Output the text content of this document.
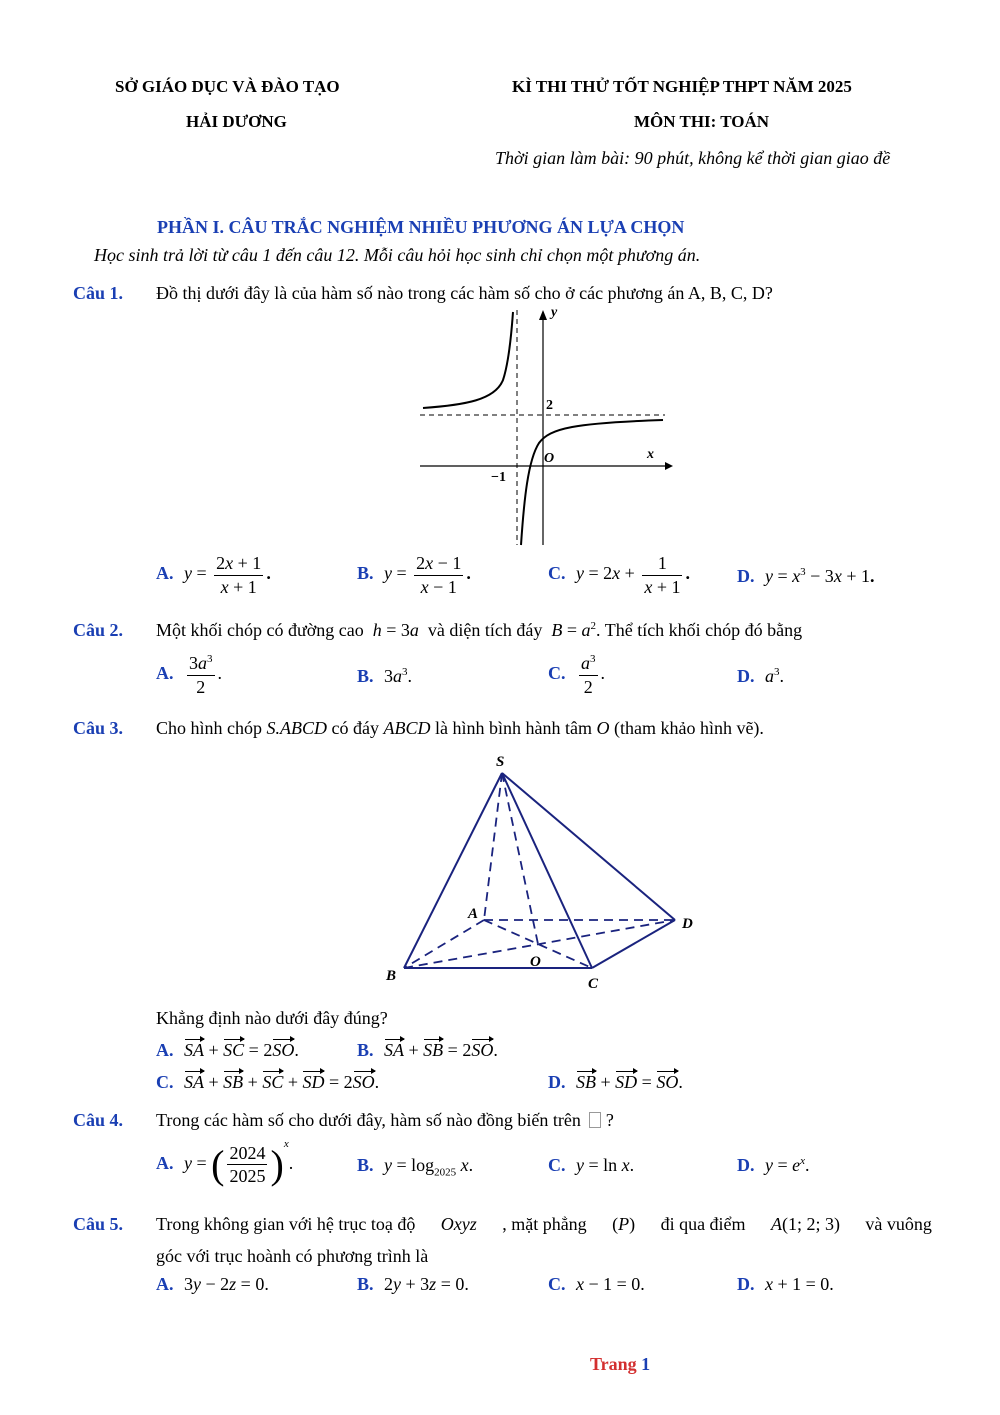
SỞ GIÁO DỤC VÀ ĐÀO TẠO
HẢI DƯƠNG
KÌ THI THỬ TỐT NGHIỆP THPT NĂM 2025
MÔN THI: TOÁN
Thời gian làm bài: 90 phút, không kể thời gian giao đề
PHẦN I. CÂU TRẮC NGHIỆM NHIỀU PHƯƠNG ÁN LỰA CHỌN
Học sinh trả lời từ câu 1 đến câu 12. Mỗi câu hỏi học sinh chỉ chọn một phương án.
Câu 1. Đồ thị dưới đây là của hàm số nào trong các hàm số cho ở các phương án A, B, C, D?
y
x
2
O
−1
A. $y = \frac{2x + 1}{x + 1}$ .	B. $y = \frac{2x - 1}{x - 1}$ .	C. $y = 2x + \frac{1}{x + 1}$ .	D. $y = x^3 - 3x + 1$.
Câu 2. Một khối chóp có đường cao h = 3a và diện tích đáy $B = a^2$. Thể tích khối chóp đó bằng
A. $\frac{3a^3}{2}$ .	B. $3a^3$.	C. $\frac{a^3}{2}$ .	D. $a^3$.
Câu 3. Cho hình chóp S.ABCD có đáy ABCD là hình bình hành tâm O (tham khảo hình vẽ).
S
A
B	C
D
O
Khẳng định nào dưới đây đúng?
A. SA + SC = 2SO.	B. SA + SB = 2SO.
C. SA + SB + SC + SD = 2SO.	D. SB + SD = SO.
Câu 4. Trong các hàm số cho dưới đây, hàm số nào đồng biến trên ?
A. y = ( $\frac{2024}{2025} )^x$.	B. $y = \log_{2025} x$.	C. y = ln x.	D. $y = e^x$.
Câu 5. Trong không gian với hệ trục toạ độ Oxyz , mặt phẳng (P) đi qua điểm A(1; 2; 3) và vuông
góc với trục hoành có phương trình là
A. 3y − 2z = 0.	B. 2y + 3z = 0.	C. x − 1 = 0.	D. x + 1 = 0.
Trang 1
